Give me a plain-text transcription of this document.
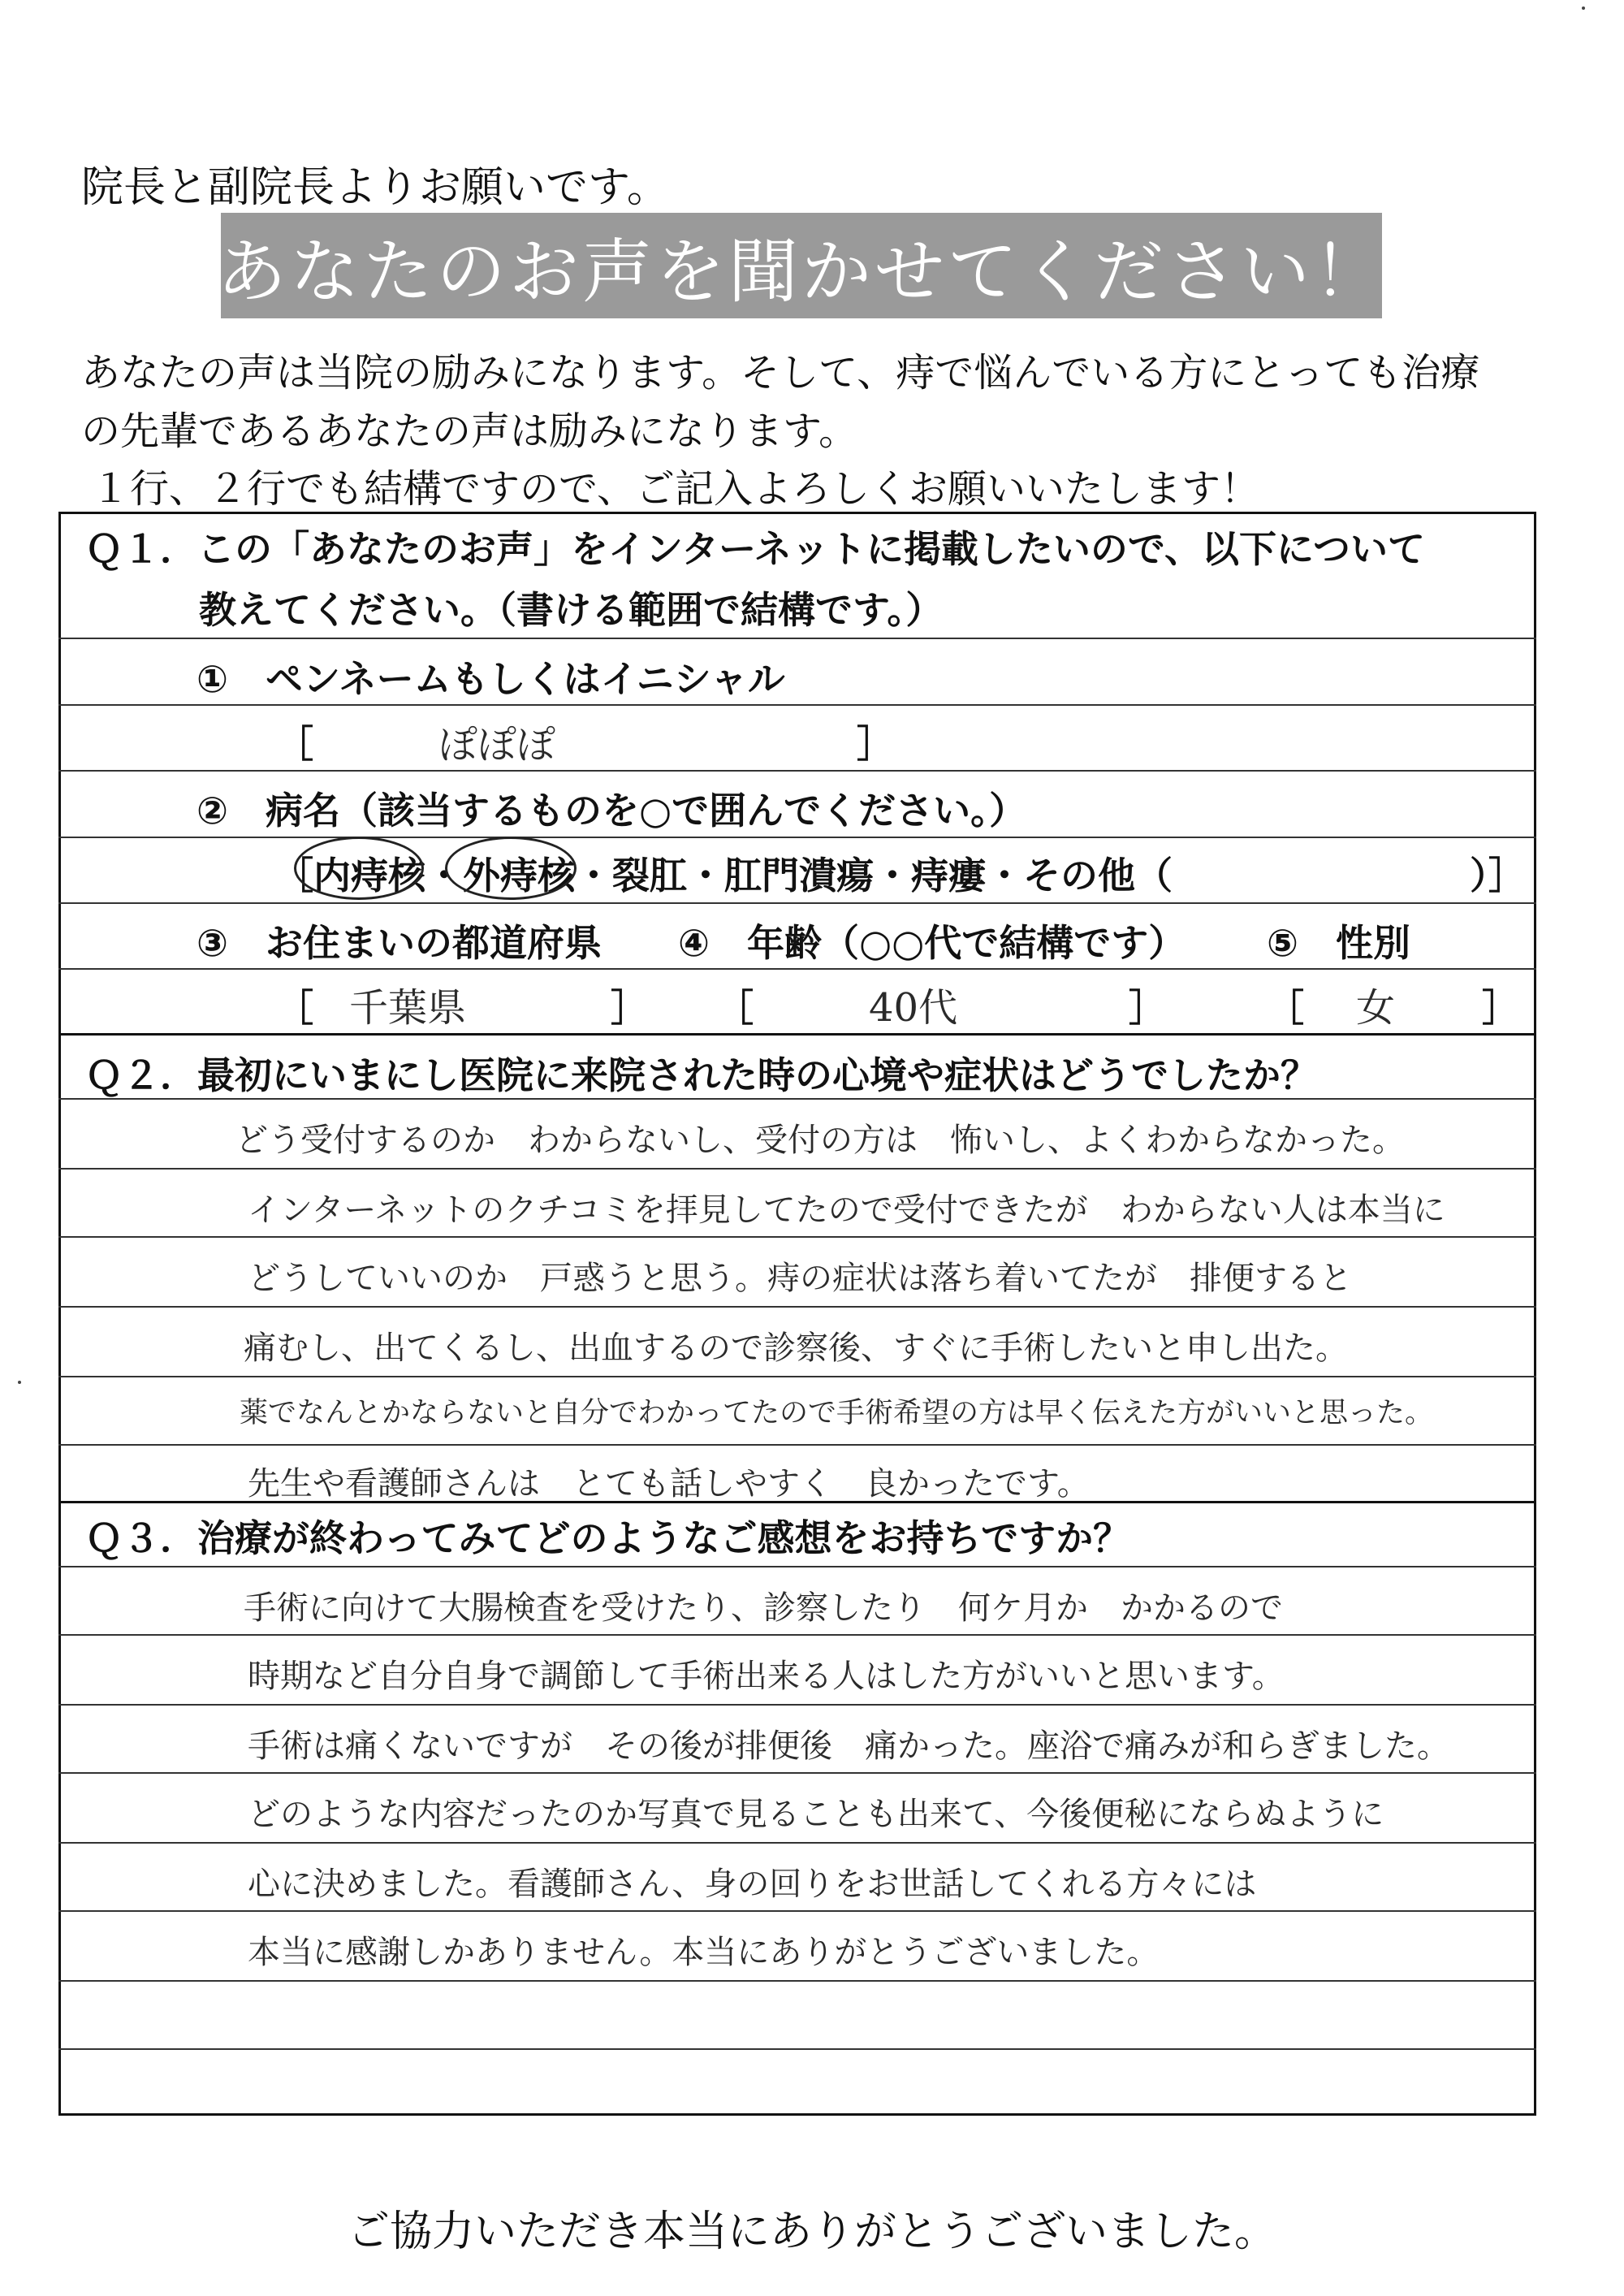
院長と副院長よりお願いです。
あなたのお声を聞かせてください！
あなたの声は当院の励みになります。そして、痔で悩んでいる方にとっても治療
の先輩であるあなたの声は励みになります。
１行、２行でも結構ですので、ご記入よろしくお願いいたします！
Ｑ１．この「あなたのお声」をインターネットに掲載したいので、以下について
教えてください。（書ける範囲で結構です。）
①　ペンネームもしくはイニシャル
［	ぽぽぽ	］
②　病名（該当するものを○で囲んでください。）
［内痔核・外痔核・裂肛・肛門潰瘍・痔瘻・その他（	）］
③　お住まいの都道府県 ④　年齢（○○代で結構です） ⑤　性別
［ 千葉県	］ ［	40代	］	［ 女 ］
Ｑ２．最初にいまにし医院に来院された時の心境や症状はどうでしたか？
どう受付するのか　わからないし、受付の方は　怖いし、よくわからなかった。
インターネットのクチコミを拝見してたので受付できたが　わからない人は本当に
どうしていいのか　戸惑うと思う。痔の症状は落ち着いてたが　排便すると
痛むし、出てくるし、出血するので診察後、すぐに手術したいと申し出た。
薬でなんとかならないと自分でわかってたので手術希望の方は早く伝えた方がいいと思った。
先生や看護師さんは　とても話しやすく　良かったです。
Ｑ３．治療が終わってみてどのようなご感想をお持ちですか？
手術に向けて大腸検査を受けたり、診察したり　何ケ月か　かかるので
時期など自分自身で調節して手術出来る人はした方がいいと思います。
手術は痛くないですが　その後が排便後　痛かった。座浴で痛みが和らぎました。
どのような内容だったのか写真で見ることも出来て、今後便秘にならぬように
心に決めました。看護師さん、身の回りをお世話してくれる方々には
本当に感謝しかありません。本当にありがとうございました。
ご協力いただき本当にありがとうございました。
